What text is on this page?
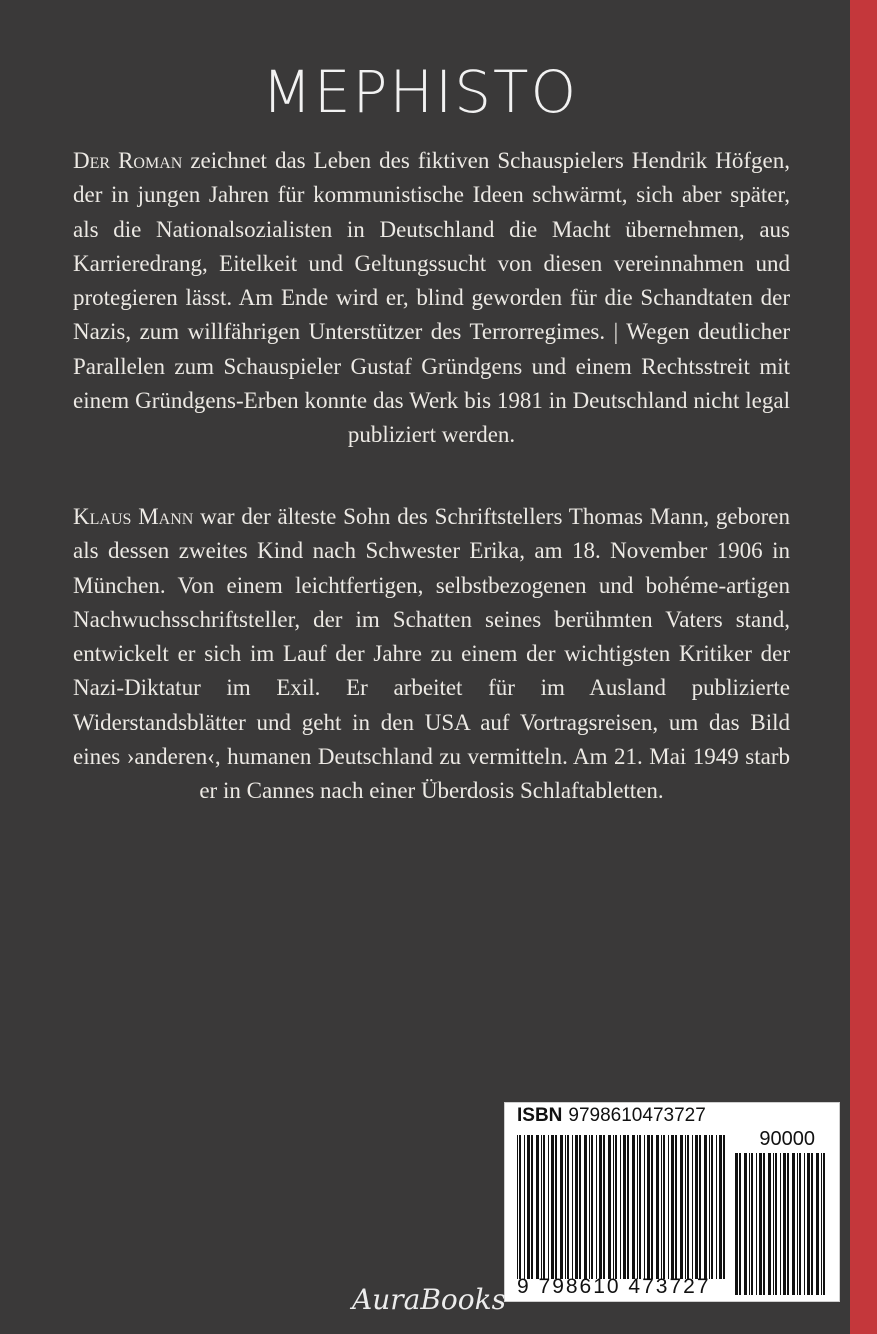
MEPHISTO

Der Roman zeichnet das Leben des fiktiven Schauspielers Hendrik Höfgen, der in jungen Jahren für kommunistische Ideen schwärmt, sich aber später, als die Nationalsozialisten in Deutschland die Macht übernehmen, aus Karrieredrang, Eitelkeit und Geltungssucht von diesen vereinnahmen und protegieren lässt. Am Ende wird er, blind geworden für die Schandtaten der Nazis, zum willfährigen Unterstützer des Terrorregimes. | Wegen deutlicher Parallelen zum Schauspieler Gustaf Gründgens und einem Rechtsstreit mit einem Gründgens-Erben konnte das Werk bis 1981 in Deutschland nicht legal publiziert werden.

Klaus Mann war der älteste Sohn des Schriftstellers Thomas Mann, geboren als dessen zweites Kind nach Schwester Erika, am 18. November 1906 in München. Von einem leichtfertigen, selbstbezogenen und bohéme-artigen Nachwuchsschriftsteller, der im Schatten seines berühmten Vaters stand, entwickelt er sich im Lauf der Jahre zu einem der wichtigsten Kritiker der Nazi-Diktatur im Exil. Er arbeitet für im Ausland publizierte Widerstandsblätter und geht in den USA auf Vortragsreisen, um das Bild eines ›anderen‹, humanen Deutschland zu vermitteln. Am 21. Mai 1949 starb er in Cannes nach einer Überdosis Schlaftabletten.

ISBN 9798610473727
90000
9 798610 473727
AuraBooks
